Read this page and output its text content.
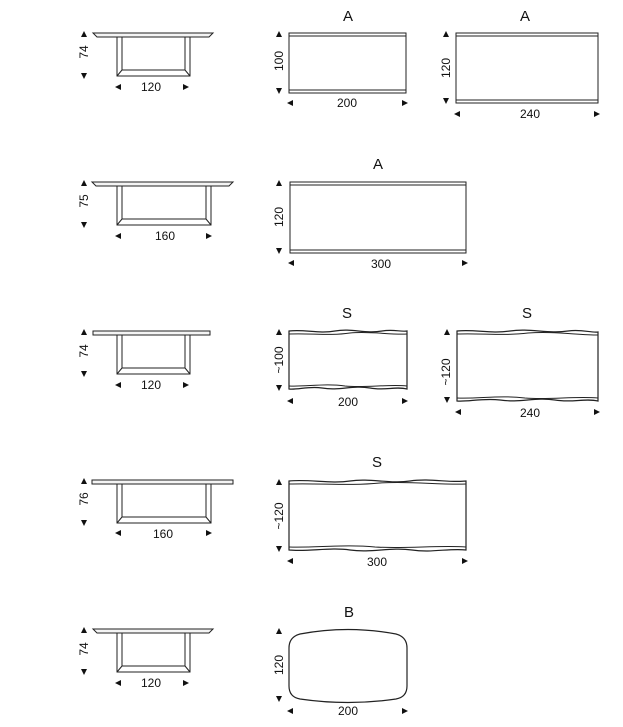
74
120
A
100
200
A
120
240
75
160
A
120
300
74
120
S
~100
200
S
~120
240
76
160
S
~120
300
74
120
B
120
200
